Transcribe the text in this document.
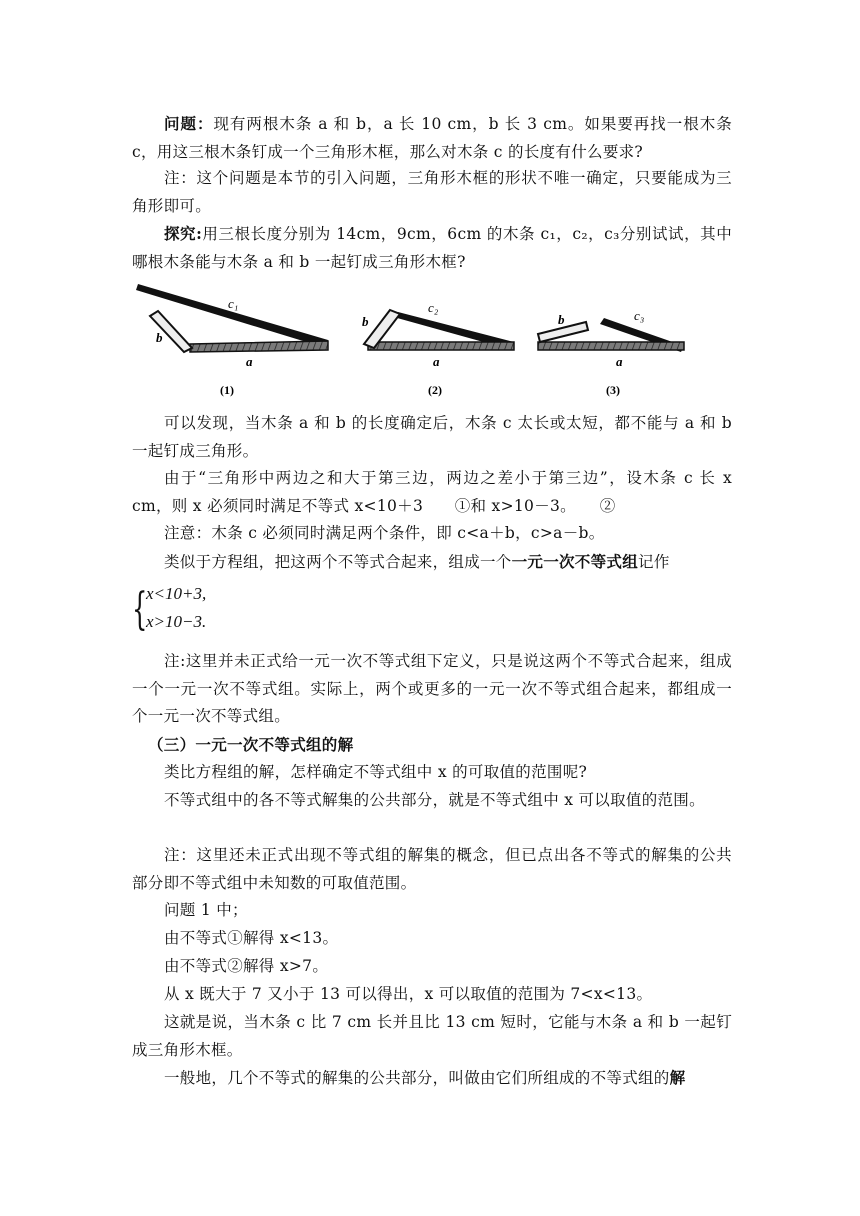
问题：现有两根木条 a 和 b，a 长 10 cm，b 长 3 cm。如果要再找一根木条 c，用这三根木条钉成一个三角形木框，那么对木条 c 的长度有什么要求?
注：这个问题是本节的引入问题，三角形木框的形状不唯一确定，只要能成为三角形即可。
探究:用三根长度分别为 14cm，9cm，6cm 的木条 c₁，c₂，c₃分别试试，其中哪根木条能与木条 a 和 b 一起钉成三角形木框?
c₁
b
a
(1)
c₂
b
a
(2)
c₃
b
a
(3)
可以发现，当木条 a 和 b 的长度确定后，木条 c 太长或太短，都不能与 a 和 b 一起钉成三角形。
由于“三角形中两边之和大于第三边，两边之差小于第三边”，设木条 c 长 x cm，则 x 必须同时满足不等式 x<10＋3　　①和 x>10－3。　　②
注意：木条 c 必须同时满足两个条件，即 c<a＋b，c>a－b。
类似于方程组，把这两个不等式合起来，组成一个一元一次不等式组记作
{
x<10+3,
x>10−3.
注:这里并未正式给一元一次不等式组下定义，只是说这两个不等式合起来，组成一个一元一次不等式组。实际上，两个或更多的一元一次不等式组合起来，都组成一个一元一次不等式组。
（三）一元一次不等式组的解
类比方程组的解，怎样确定不等式组中 x 的可取值的范围呢?
不等式组中的各不等式解集的公共部分，就是不等式组中 x 可以取值的范围。
注：这里还未正式出现不等式组的解集的概念，但已点出各不等式的解集的公共部分即不等式组中未知数的可取值范围。
问题 1 中；
由不等式①解得 x<13。
由不等式②解得 x>7。
从 x 既大于 7 又小于 13 可以得出，x 可以取值的范围为 7<x<13。
这就是说，当木条 c 比 7 cm 长并且比 13 cm 短时，它能与木条 a 和 b 一起钉成三角形木框。
一般地，几个不等式的解集的公共部分，叫做由它们所组成的不等式组的解
